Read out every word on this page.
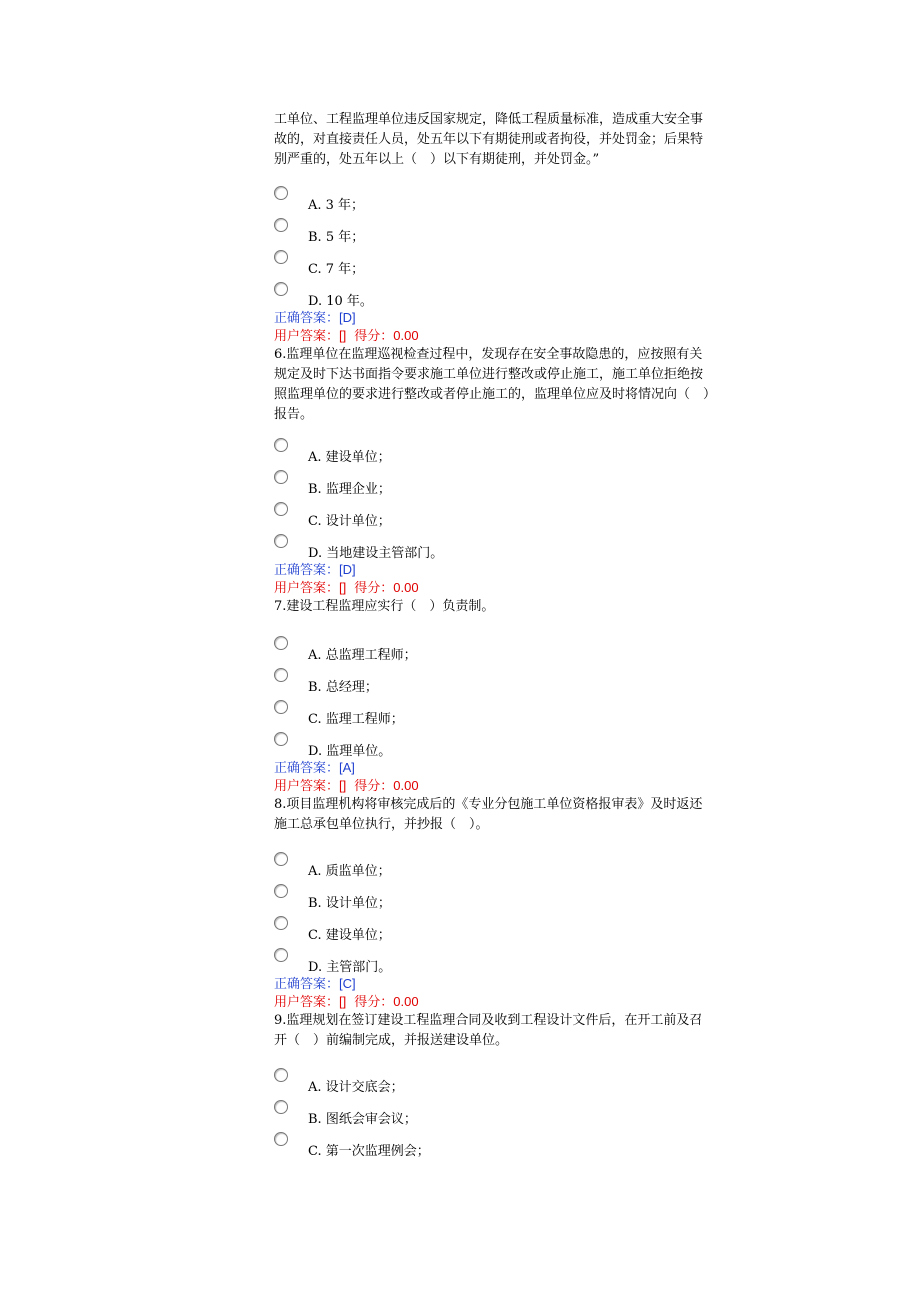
工单位、工程监理单位违反国家规定，降低工程质量标准，造成重大安全事故的，对直接责任人员，处五年以下有期徒刑或者拘役，并处罚金；后果特别严重的，处五年以上（　）以下有期徒刑，并处罚金。”
A. 3 年；
B. 5 年；
C. 7 年；
D. 10 年。
正确答案：[D]
用户答案：[] 得分：0.00
6.监理单位在监理巡视检查过程中，发现存在安全事故隐患的，应按照有关规定及时下达书面指令要求施工单位进行整改或停止施工，施工单位拒绝按照监理单位的要求进行整改或者停止施工的，监理单位应及时将情况向（　）报告。
A. 建设单位；
B. 监理企业；
C. 设计单位；
D. 当地建设主管部门。
正确答案：[D]
用户答案：[] 得分：0.00
7.建设工程监理应实行（　）负责制。
A. 总监理工程师；
B. 总经理；
C. 监理工程师；
D. 监理单位。
正确答案：[A]
用户答案：[] 得分：0.00
8.项目监理机构将审核完成后的《专业分包施工单位资格报审表》及时返还施工总承包单位执行，并抄报（　）。
A. 质监单位；
B. 设计单位；
C. 建设单位；
D. 主管部门。
正确答案：[C]
用户答案：[] 得分：0.00
9.监理规划在签订建设工程监理合同及收到工程设计文件后，在开工前及召开（　）前编制完成，并报送建设单位。
A. 设计交底会；
B. 图纸会审会议；
C. 第一次监理例会；
